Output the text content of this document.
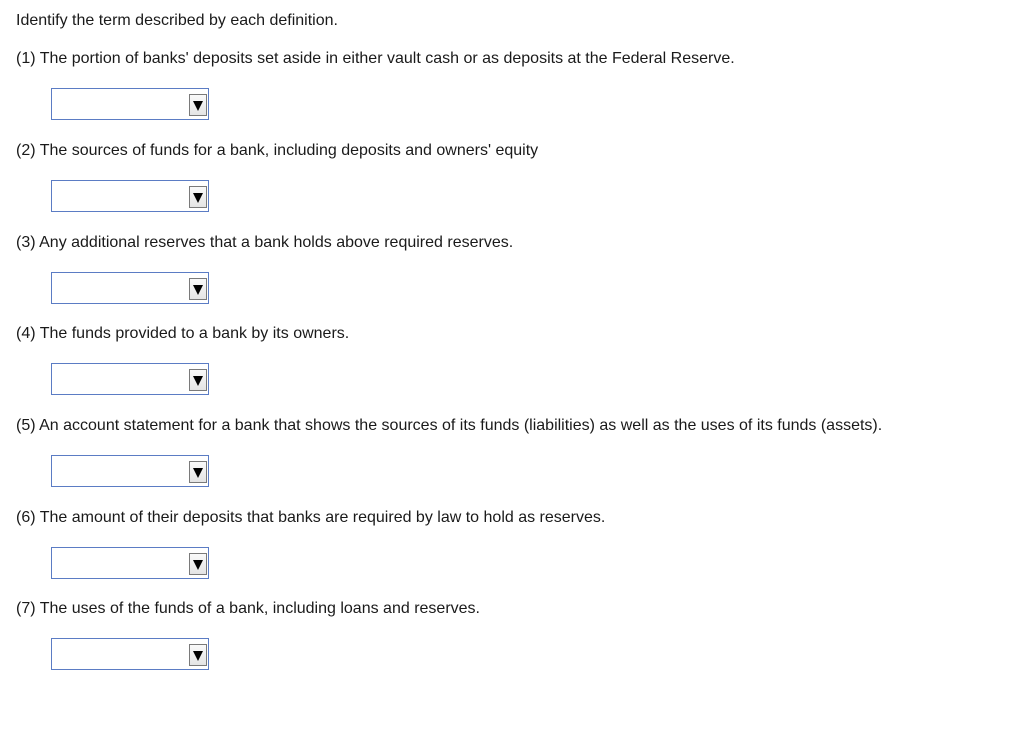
Identify the term described by each definition.
(1) The portion of banks' deposits set aside in either vault cash or as deposits at the Federal Reserve.
(2) The sources of funds for a bank, including deposits and owners' equity
(3) Any additional reserves that a bank holds above required reserves.
(4) The funds provided to a bank by its owners.
(5) An account statement for a bank that shows the sources of its funds (liabilities) as well as the uses of its funds (assets).
(6) The amount of their deposits that banks are required by law to hold as reserves.
(7) The uses of the funds of a bank, including loans and reserves.
